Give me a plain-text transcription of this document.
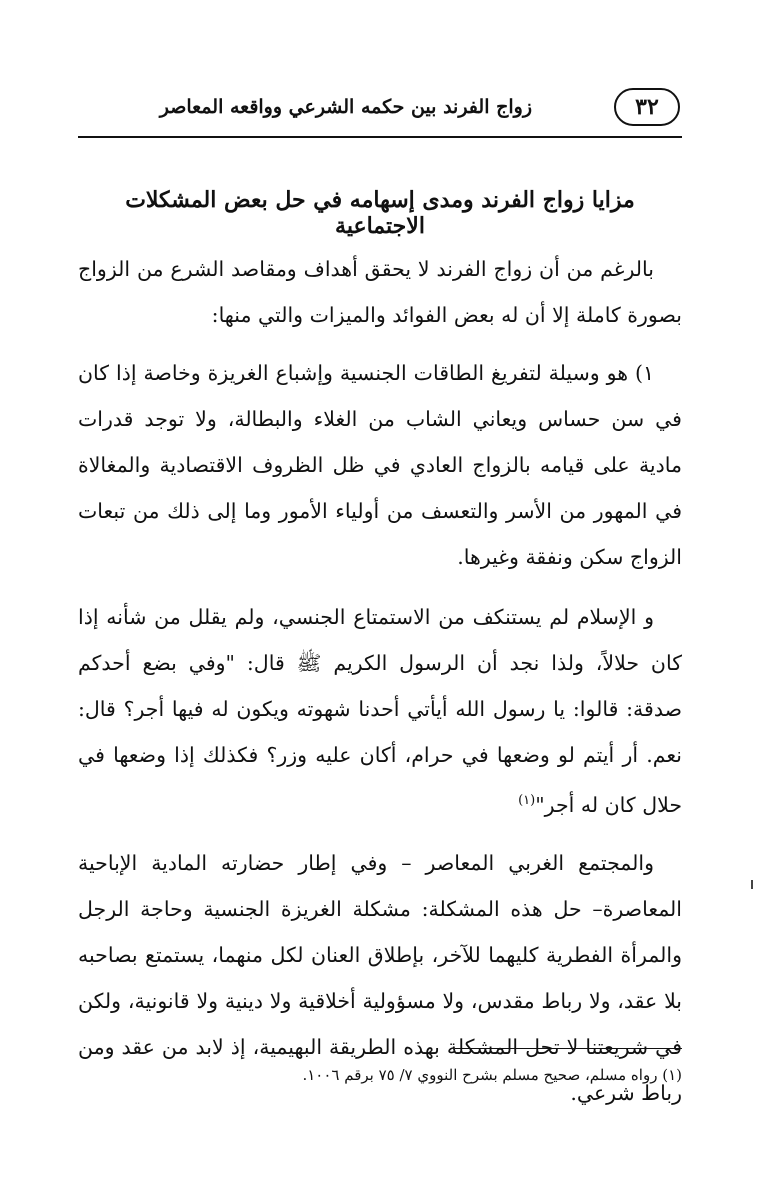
٣٢
زواج الفرند بين حكمه الشرعي وواقعه المعاصر
مزايا زواج الفرند ومدى إسهامه في حل بعض المشكلات الاجتماعية

بالرغم من أن زواج الفرند لا يحقق أهداف ومقاصد الشرع من الزواج بصورة كاملة إلا أن له بعض الفوائد والميزات والتي منها:

١) هو وسيلة لتفريغ الطاقات الجنسية وإشباع الغريزة وخاصة إذا كان في سن حساس ويعاني الشاب من الغلاء والبطالة، ولا توجد قدرات مادية على قيامه بالزواج العادي في ظل الظروف الاقتصادية والمغالاة في المهور من الأسر والتعسف من أولياء الأمور وما إلى ذلك من تبعات الزواج سكن ونفقة وغيرها.

و الإسلام لم يستنكف من الاستمتاع الجنسي، ولم يقلل من شأنه إذا كان حلالاً، ولذا نجد أن الرسول الكريم ﷺ قال: ‌"وفي بضع أحدكم صدقة: قالوا: يا رسول الله أيأتي أحدنا شهوته ويكون له فيها أجر؟ قال: نعم. أر أيتم لو وضعها في حرام، أكان عليه وزر؟ فكذلك إذا وضعها في حلال كان له أجر"$^{(١)}$

والمجتمع الغربي المعاصر – وفي إطار حضارته المادية الإباحية المعاصرة– حل هذه المشكلة: مشكلة الغريزة الجنسية وحاجة الرجل والمرأة الفطرية كليهما للآخر، بإطلاق العنان لكل منهما، يستمتع بصاحبه بلا عقد، ولا رباط مقدس، ولا مسؤولية أخلاقية ولا دينية ولا قانونية، ولكن في شريعتنا لا تحل المشكلة بهذه الطريقة البهيمية، إذ لابد من عقد ومن رباط شرعي.

(١) رواه مسلم، صحيح مسلم بشرح النووي ٧/ ٧٥ برقم ١٠٠٦.
